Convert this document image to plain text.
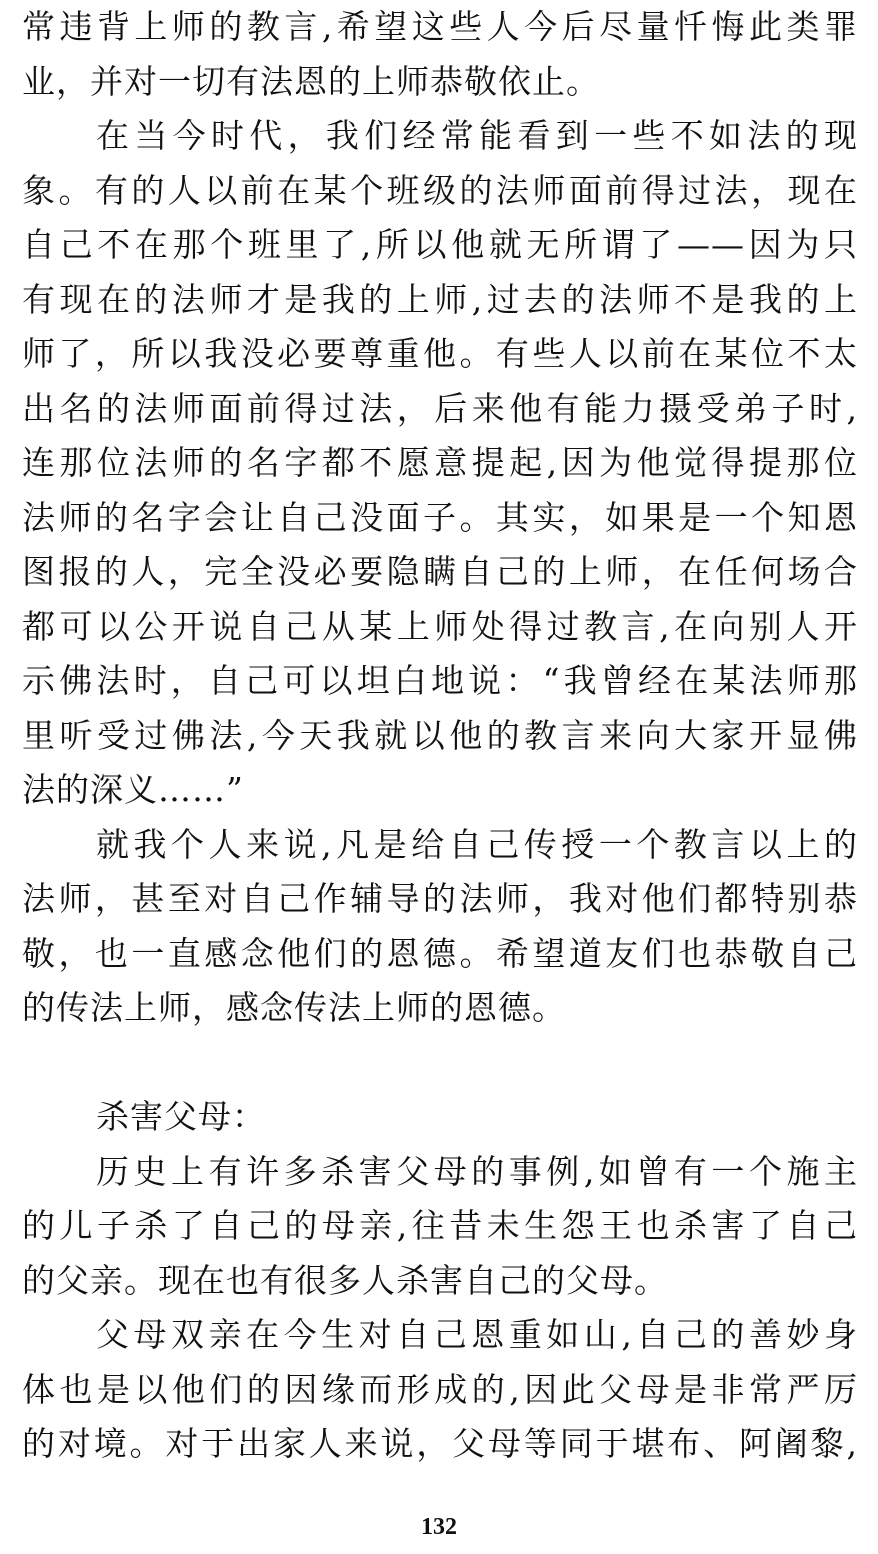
常违背上师的教言,希望这些人今后尽量忏悔此类罪
业，并对一切有法恩的上师恭敬依止。
在当今时代，我们经常能看到一些不如法的现
象。有的人以前在某个班级的法师面前得过法，现在
自己不在那个班里了,所以他就无所谓了——因为只
有现在的法师才是我的上师,过去的法师不是我的上
师了，所以我没必要尊重他。有些人以前在某位不太
出名的法师面前得过法，后来他有能力摄受弟子时,
连那位法师的名字都不愿意提起,因为他觉得提那位
法师的名字会让自己没面子。其实，如果是一个知恩
图报的人，完全没必要隐瞒自己的上师，在任何场合
都可以公开说自己从某上师处得过教言,在向别人开
示佛法时，自己可以坦白地说：“我曾经在某法师那
里听受过佛法,今天我就以他的教言来向大家开显佛
法的深义……”
就我个人来说,凡是给自己传授一个教言以上的
法师，甚至对自己作辅导的法师，我对他们都特别恭
敬，也一直感念他们的恩德。希望道友们也恭敬自己
的传法上师，感念传法上师的恩德。
杀害父母：
历史上有许多杀害父母的事例,如曾有一个施主
的儿子杀了自己的母亲,往昔未生怨王也杀害了自己
的父亲。现在也有很多人杀害自己的父母。
父母双亲在今生对自己恩重如山,自己的善妙身
体也是以他们的因缘而形成的,因此父母是非常严厉
的对境。对于出家人来说，父母等同于堪布、阿阇黎,
132
